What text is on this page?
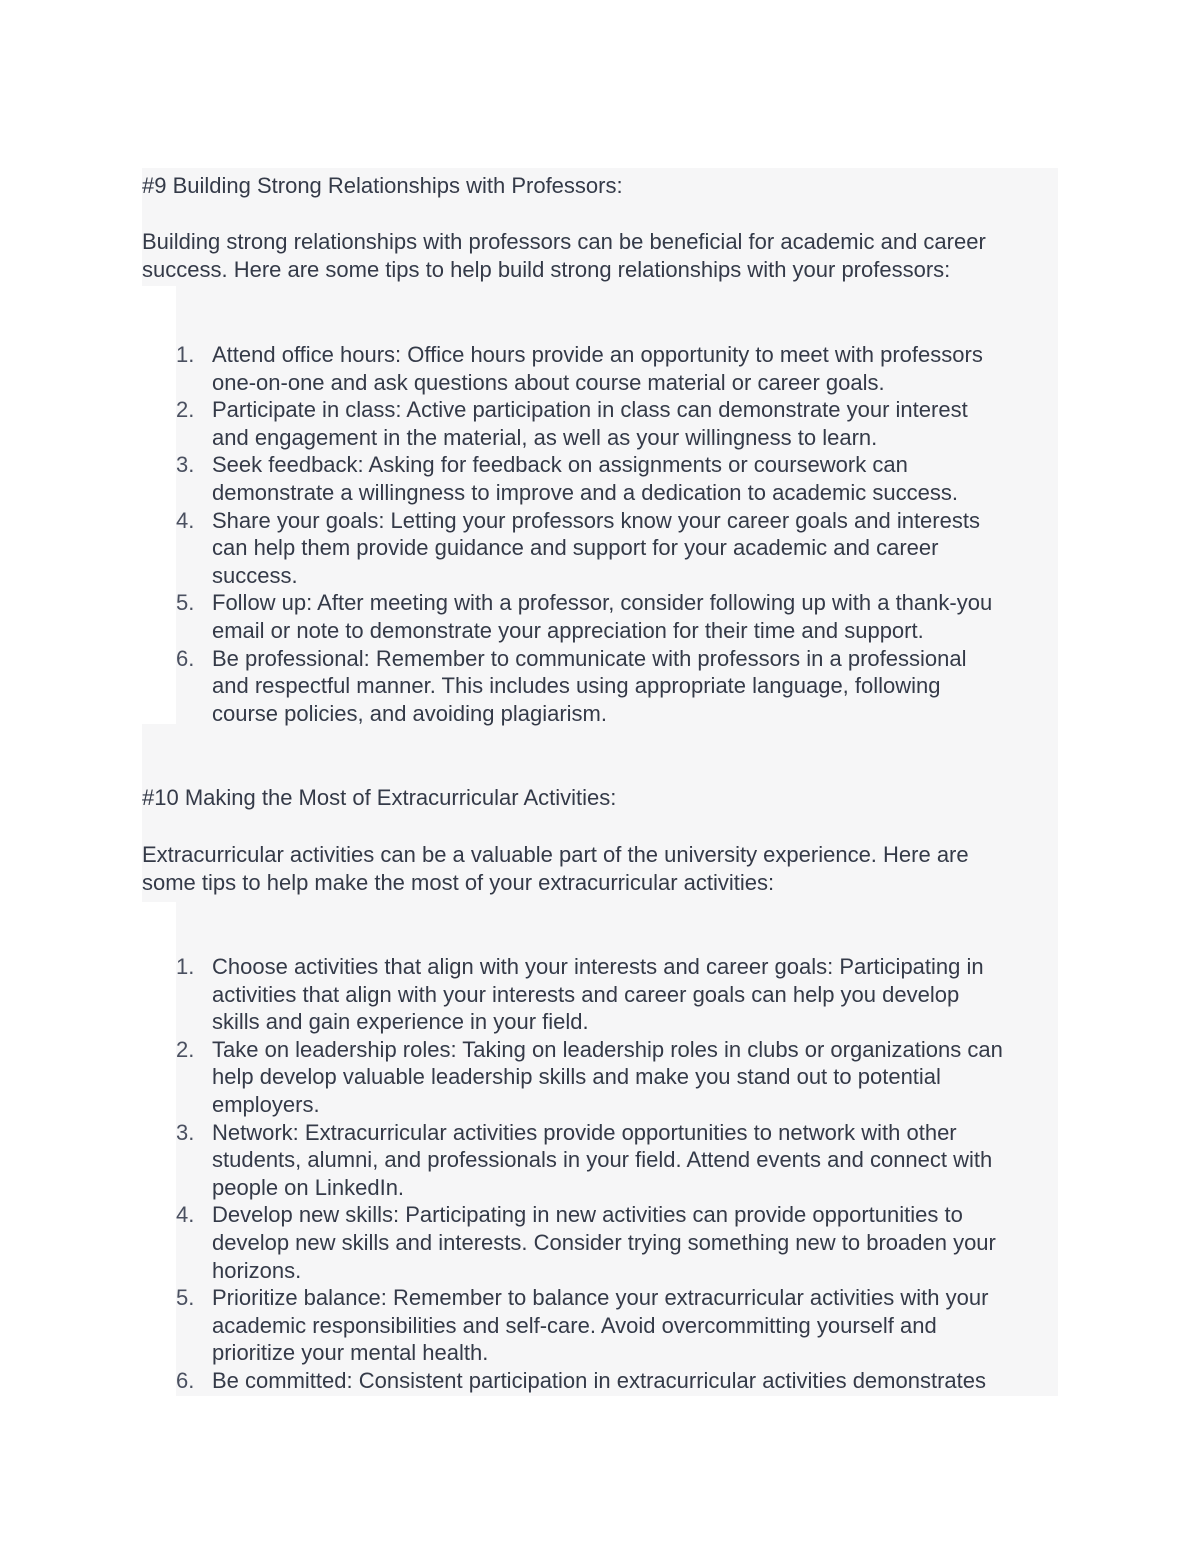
#9 Building Strong Relationships with Professors:
Building strong relationships with professors can be beneficial for academic and career
success. Here are some tips to help build strong relationships with your professors:
1. Attend office hours: Office hours provide an opportunity to meet with professors
one-on-one and ask questions about course material or career goals.
2. Participate in class: Active participation in class can demonstrate your interest
and engagement in the material, as well as your willingness to learn.
3. Seek feedback: Asking for feedback on assignments or coursework can
demonstrate a willingness to improve and a dedication to academic success.
4. Share your goals: Letting your professors know your career goals and interests
can help them provide guidance and support for your academic and career
success.
5. Follow up: After meeting with a professor, consider following up with a thank-you
email or note to demonstrate your appreciation for their time and support.
6. Be professional: Remember to communicate with professors in a professional
and respectful manner. This includes using appropriate language, following
course policies, and avoiding plagiarism.
#10 Making the Most of Extracurricular Activities:
Extracurricular activities can be a valuable part of the university experience. Here are
some tips to help make the most of your extracurricular activities:
1. Choose activities that align with your interests and career goals: Participating in
activities that align with your interests and career goals can help you develop
skills and gain experience in your field.
2. Take on leadership roles: Taking on leadership roles in clubs or organizations can
help develop valuable leadership skills and make you stand out to potential
employers.
3. Network: Extracurricular activities provide opportunities to network with other
students, alumni, and professionals in your field. Attend events and connect with
people on LinkedIn.
4. Develop new skills: Participating in new activities can provide opportunities to
develop new skills and interests. Consider trying something new to broaden your
horizons.
5. Prioritize balance: Remember to balance your extracurricular activities with your
academic responsibilities and self-care. Avoid overcommitting yourself and
prioritize your mental health.
6. Be committed: Consistent participation in extracurricular activities demonstrates
